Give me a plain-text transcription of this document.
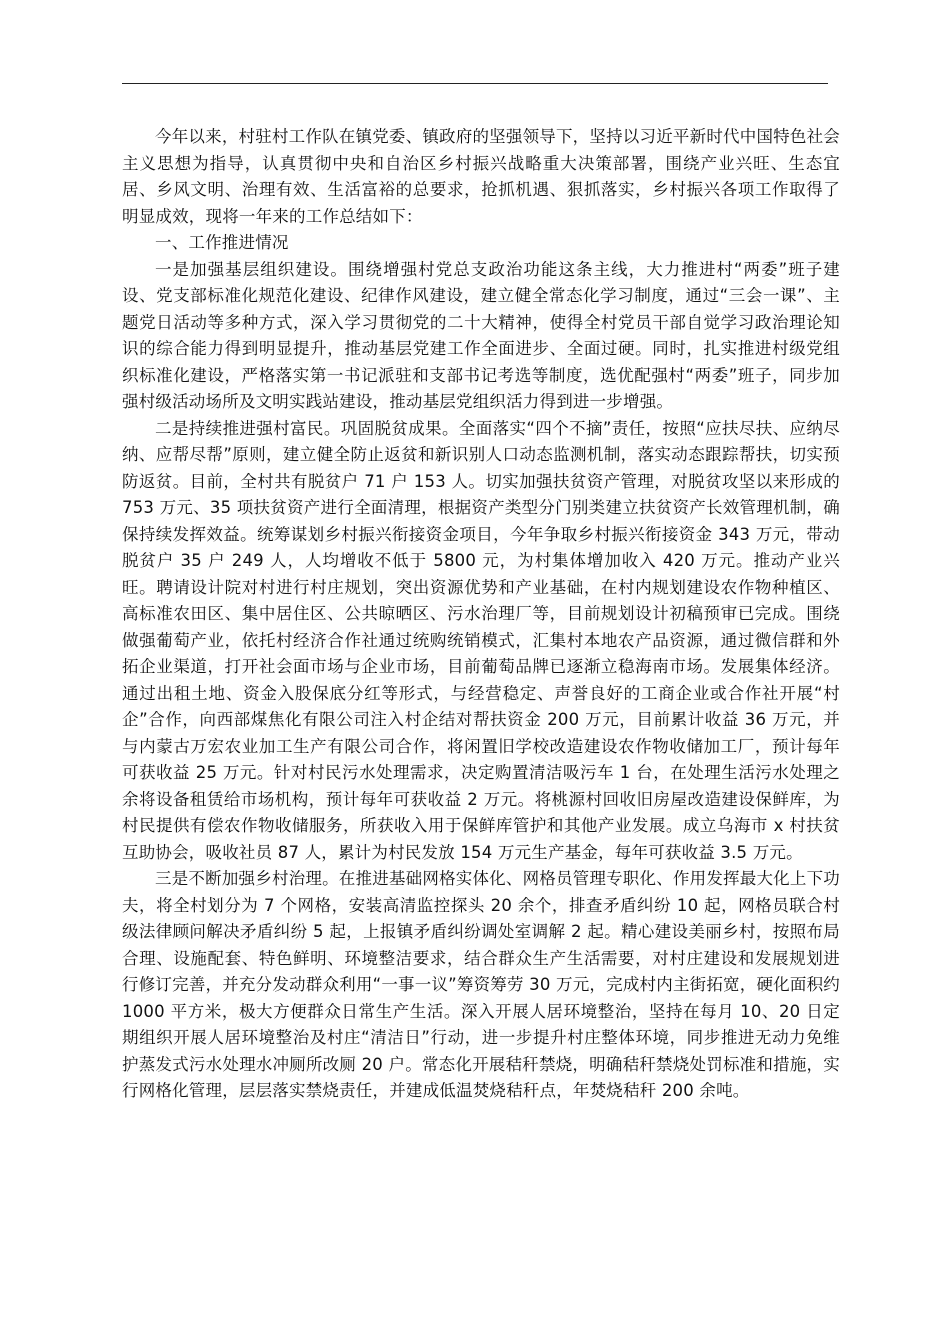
今年以来，村驻村工作队在镇党委、镇政府的坚强领导下，坚持以习近平新时代中国特色社会主义思想为指导，认真贯彻中央和自治区乡村振兴战略重大决策部署，围绕产业兴旺、生态宜居、乡风文明、治理有效、生活富裕的总要求，抢抓机遇、狠抓落实，乡村振兴各项工作取得了明显成效，现将一年来的工作总结如下：

一、工作推进情况

一是加强基层组织建设。围绕增强村党总支政治功能这条主线，大力推进村“两委”班子建设、党支部标准化规范化建设、纪律作风建设，建立健全常态化学习制度，通过“三会一课”、主题党日活动等多种方式，深入学习贯彻党的二十大精神，使得全村党员干部自觉学习政治理论知识的综合能力得到明显提升，推动基层党建工作全面进步、全面过硬。同时，扎实推进村级党组织标准化建设，严格落实第一书记派驻和支部书记考选等制度，选优配强村“两委”班子，同步加强村级活动场所及文明实践站建设，推动基层党组织活力得到进一步增强。

二是持续推进强村富民。巩固脱贫成果。全面落实“四个不摘”责任，按照“应扶尽扶、应纳尽纳、应帮尽帮”原则，建立健全防止返贫和新识别人口动态监测机制，落实动态跟踪帮扶，切实预防返贫。目前，全村共有脱贫户 71 户 153 人。切实加强扶贫资产管理，对脱贫攻坚以来形成的 753 万元、35 项扶贫资产进行全面清理，根据资产类型分门别类建立扶贫资产长效管理机制，确保持续发挥效益。统筹谋划乡村振兴衔接资金项目，今年争取乡村振兴衔接资金 343 万元，带动脱贫户 35 户 249 人，人均增收不低于 5800 元，为村集体增加收入 420 万元。推动产业兴旺。聘请设计院对村进行村庄规划，突出资源优势和产业基础，在村内规划建设农作物种植区、高标准农田区、集中居住区、公共晾晒区、污水治理厂等，目前规划设计初稿预审已完成。围绕做强葡萄产业，依托村经济合作社通过统购统销模式，汇集村本地农产品资源，通过微信群和外拓企业渠道，打开社会面市场与企业市场，目前葡萄品牌已逐渐立稳海南市场。发展集体经济。通过出租土地、资金入股保底分红等形式，与经营稳定、声誉良好的工商企业或合作社开展“村企”合作，向西部煤焦化有限公司注入村企结对帮扶资金 200 万元，目前累计收益 36 万元，并与内蒙古万宏农业加工生产有限公司合作，将闲置旧学校改造建设农作物收储加工厂，预计每年可获收益 25 万元。针对村民污水处理需求，决定购置清洁吸污车 1 台，在处理生活污水处理之余将设备租赁给市场机构，预计每年可获收益 2 万元。将桃源村回收旧房屋改造建设保鲜库，为村民提供有偿农作物收储服务，所获收入用于保鲜库管护和其他产业发展。成立乌海市 x 村扶贫互助协会，吸收社员 87 人，累计为村民发放 154 万元生产基金，每年可获收益 3.5 万元。

三是不断加强乡村治理。在推进基础网格实体化、网格员管理专职化、作用发挥最大化上下功夫，将全村划分为 7 个网格，安装高清监控探头 20 余个，排查矛盾纠纷 10 起，网格员联合村级法律顾问解决矛盾纠纷 5 起，上报镇矛盾纠纷调处室调解 2 起。精心建设美丽乡村，按照布局合理、设施配套、特色鲜明、环境整洁要求，结合群众生产生活需要，对村庄建设和发展规划进行修订完善，并充分发动群众利用“一事一议”筹资筹劳 30 万元，完成村内主街拓宽，硬化面积约 1000 平方米，极大方便群众日常生产生活。深入开展人居环境整治，坚持在每月 10、20 日定期组织开展人居环境整治及村庄“清洁日”行动，进一步提升村庄整体环境，同步推进无动力免维护蒸发式污水处理水冲厕所改厕 20 户。常态化开展秸秆禁烧，明确秸秆禁烧处罚标准和措施，实行网格化管理，层层落实禁烧责任，并建成低温焚烧秸秆点，年焚烧秸秆 200 余吨。
